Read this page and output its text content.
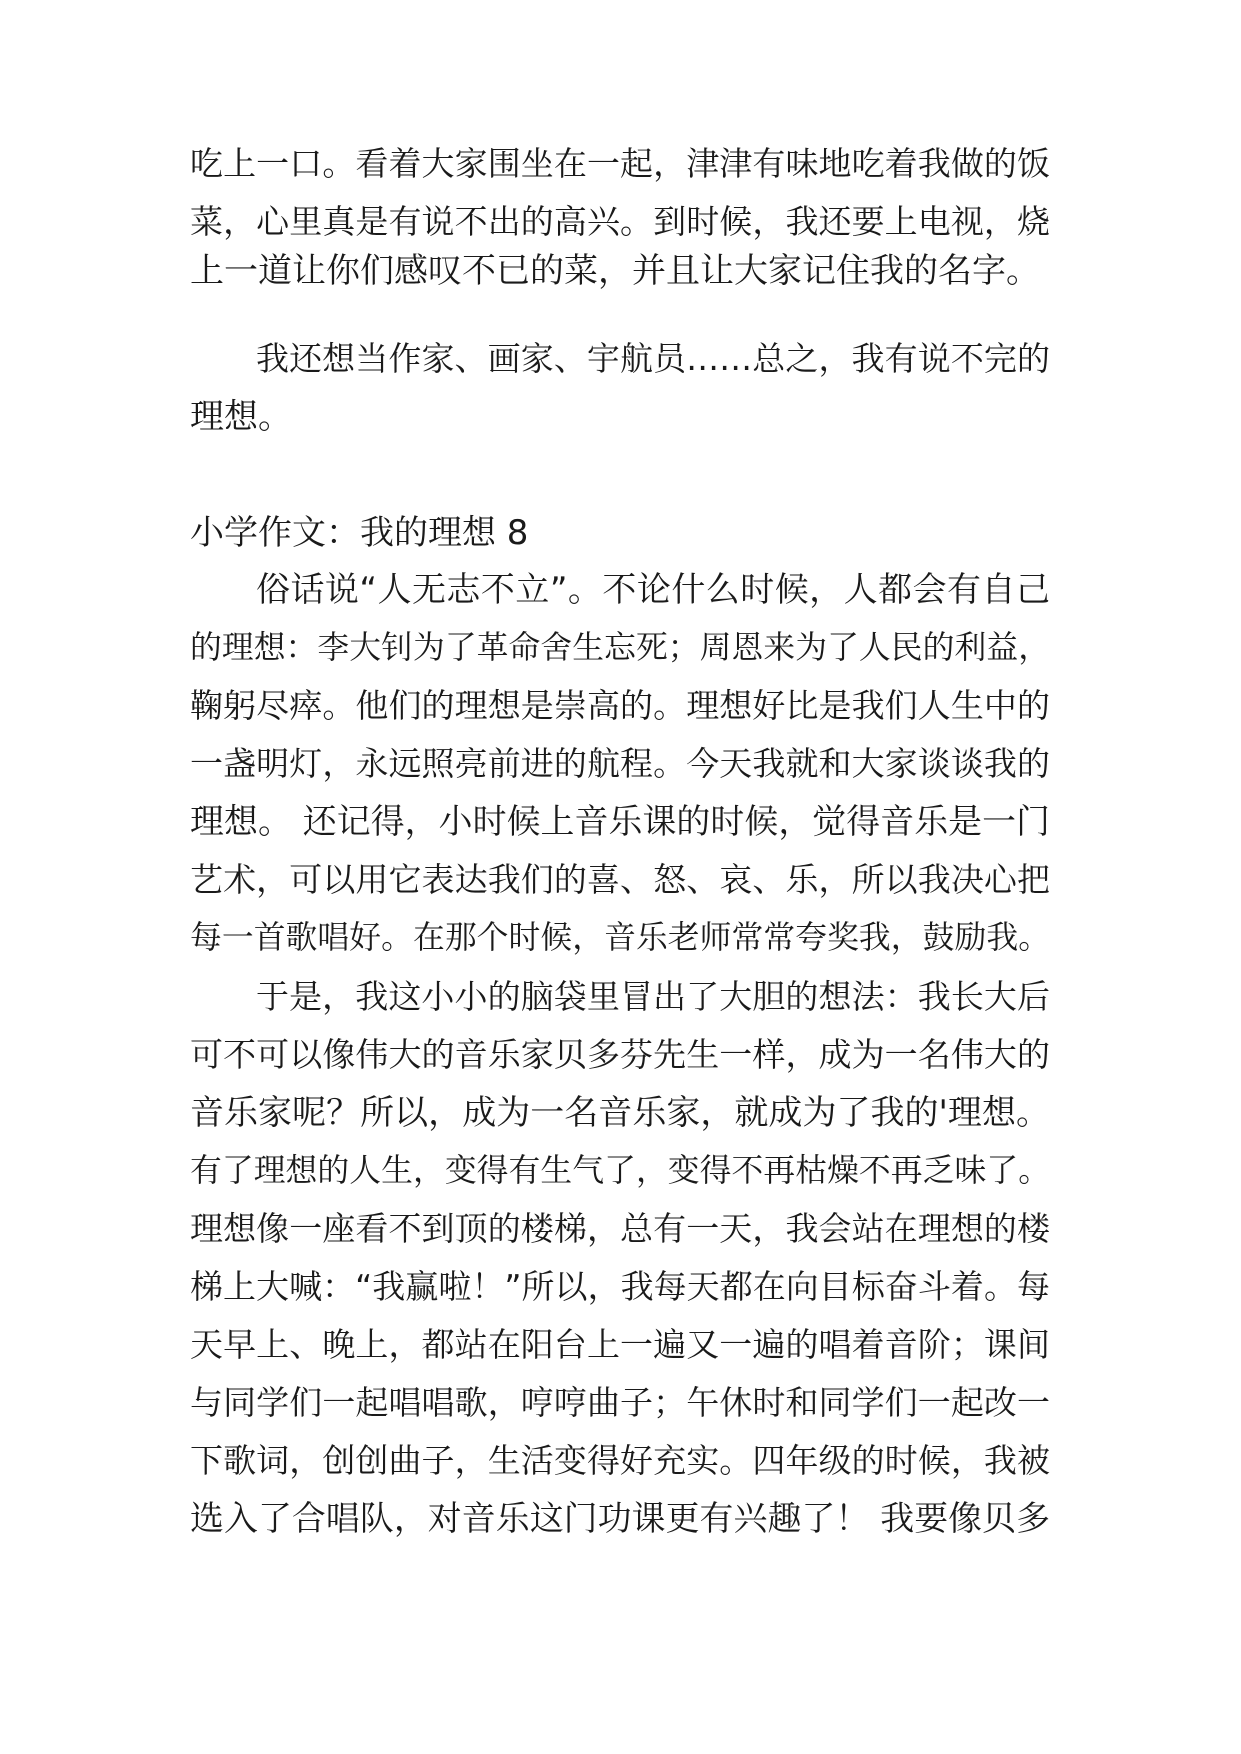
吃上一口。看着大家围坐在一起，津津有味地吃着我做的饭
菜，心里真是有说不出的高兴。到时候，我还要上电视，烧
上一道让你们感叹不已的菜，并且让大家记住我的名字。
我还想当作家、画家、宇航员……总之，我有说不完的
理想。
小学作文：我的理想 8
俗话说“人无志不立”。不论什么时候，人都会有自己
的理想：李大钊为了革命舍生忘死；周恩来为了人民的利益，
鞠躬尽瘁。他们的理想是崇高的。理想好比是我们人生中的
一盏明灯，永远照亮前进的航程。今天我就和大家谈谈我的
理想。 还记得，小时候上音乐课的时候，觉得音乐是一门
艺术，可以用它表达我们的喜、怒、哀、乐，所以我决心把
每一首歌唱好。在那个时候，音乐老师常常夸奖我，鼓励我。
于是，我这小小的脑袋里冒出了大胆的想法：我长大后
可不可以像伟大的音乐家贝多芬先生一样，成为一名伟大的
音乐家呢？所以，成为一名音乐家，就成为了我的'理想。
有了理想的人生，变得有生气了，变得不再枯燥不再乏味了。
理想像一座看不到顶的楼梯，总有一天，我会站在理想的楼
梯上大喊：“我赢啦！”所以，我每天都在向目标奋斗着。每
天早上、晚上，都站在阳台上一遍又一遍的唱着音阶；课间
与同学们一起唱唱歌，哼哼曲子；午休时和同学们一起改一
下歌词，创创曲子，生活变得好充实。四年级的时候，我被
选入了合唱队，对音乐这门功课更有兴趣了！ 我要像贝多
